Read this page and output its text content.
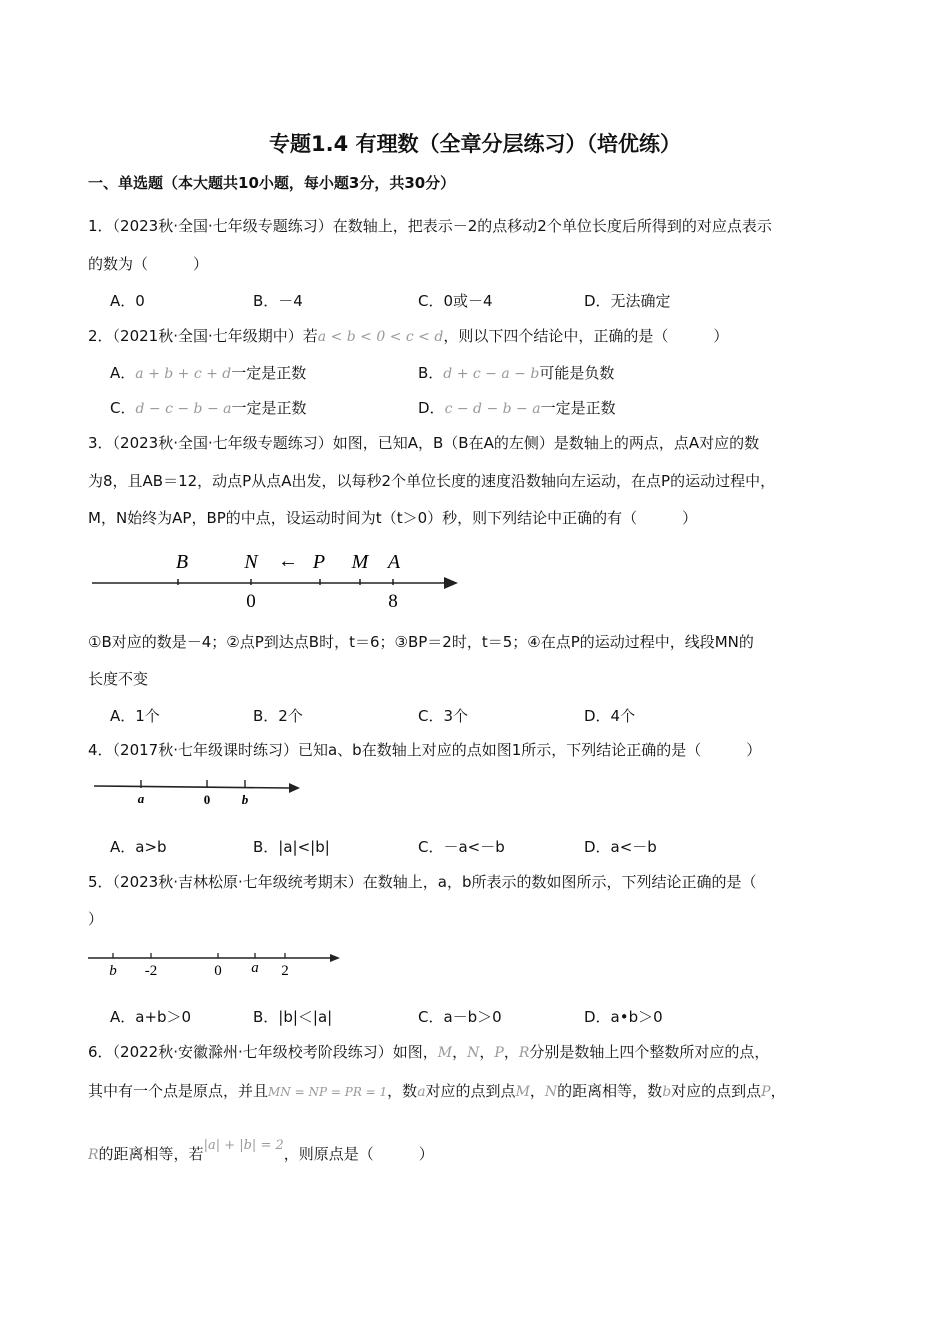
专题1.4 有理数（全章分层练习）（培优练）
一、单选题（本大题共10小题，每小题3分，共30分）
1．（2023秋·全国·七年级专题练习）在数轴上，把表示－2的点移动2个单位长度后所得到的对应点表示
的数为（　　　）
A．0	B．－4	C．0或－4	D．无法确定
2．（2021秋·全国·七年级期中）若a < b < 0 < c < d，则以下四个结论中，正确的是（　　　）
A．a + b + c + d一定是正数	B．d + c − a − b可能是负数
C．d − c − b − a一定是正数	D．c − d − b − a一定是正数
3．（2023秋·全国·七年级专题练习）如图，已知A，B（B在A的左侧）是数轴上的两点，点A对应的数
为8，且AB＝12，动点P从点A出发，以每秒2个单位长度的速度沿数轴向左运动，在点P的运动过程中，
M，N始终为AP，BP的中点，设运动时间为t（t＞0）秒，则下列结论中正确的有（　　　）
B	N ← P M A
0	8
①B对应的数是－4；②点P到达点B时，t＝6；③BP＝2时，t＝5；④在点P的运动过程中，线段MN的
长度不变
A．1个	B．2个	C．3个	D．4个
4．（2017秋·七年级课时练习）已知a、b在数轴上对应的点如图1所示，下列结论正确的是（　　　）
a	0 b
A．a>b	B．|a|<|b|	C．－a<－b	D．a<－b
5．（2023秋·吉林松原·七年级统考期末）在数轴上，a，b所表示的数如图所示，下列结论正确的是（
）
b -2	0 a 2
A．a+b＞0	B．|b|＜|a|	C．a－b＞0	D．a•b＞0
6．（2022秋·安徽滁州·七年级校考阶段练习）如图，M，N，P，R分别是数轴上四个整数所对应的点，
其中有一个点是原点，并且MN = NP = PR = 1，数a对应的点到点M，N的距离相等，数b对应的点到点P，
R的距离相等，若|a| + |b| = 2，则原点是（　　　）
